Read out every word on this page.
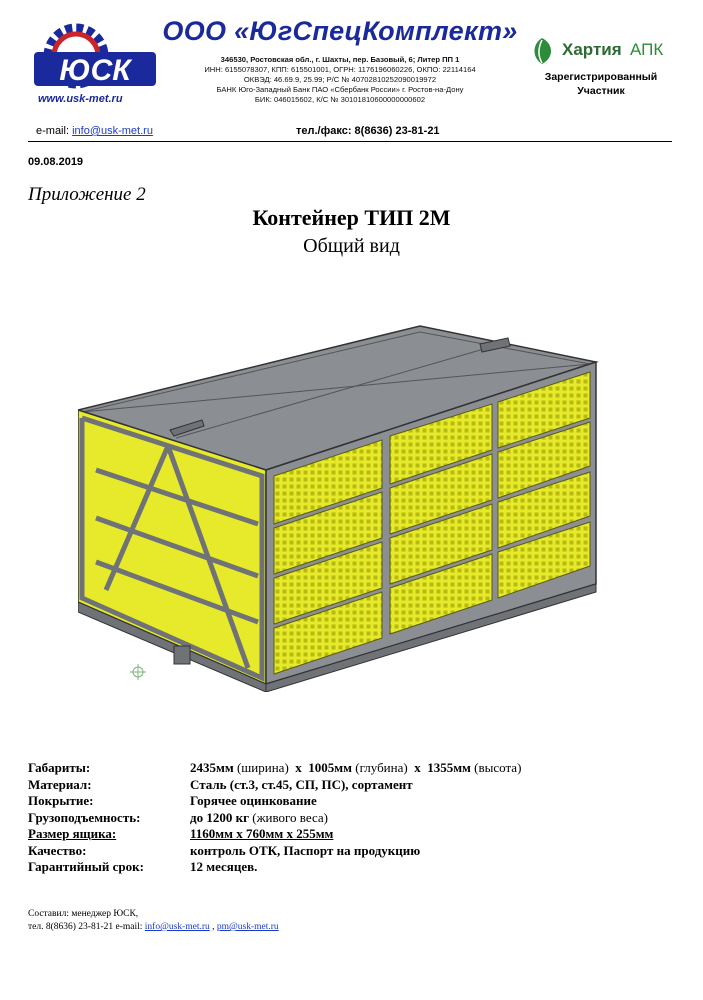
ЮСК
www.usk-met.ru
ООО «ЮгСпецКомплект»
346530, Ростовская обл., г. Шахты, пер. Базовый, 6; Литер ПП 1
ИНН: 6155078307, КПП: 615501001, ОГРН: 1176196060226, ОКПО: 22114164
ОКВЭД: 46.69.9, 25.99; Р/С № 40702810252090019972
БАНК Юго-Западный Банк ПАО «Сбербанк России» г. Ростов-на-Дону
БИК: 046015602, К/С № 30101810600000000602
Хартия АПК
Зарегистрированный
Участник
e-mail: info@usk-met.ru	тел./факс: 8(8636) 23-81-21
09.08.2019
Приложение 2
Контейнер ТИП 2М
Общий вид
Габариты:	2435мм (ширина) х 1005мм (глубина) х 1355мм (высота)
Материал:	Сталь (ст.3, ст.45, СП, ПС), сортамент
Покрытие:	Горячее оцинкование
Грузоподъемность:	до 1200 кг (живого веса)
Размер ящика:	1160мм х 760мм х 255мм
Качество:	контроль ОТК, Паспорт на продукцию
Гарантийный срок:	12 месяцев.
Составил: менеджер ЮСК,
тел. 8(8636) 23-81-21 e-mail: info@usk-met.ru , pm@usk-met.ru
